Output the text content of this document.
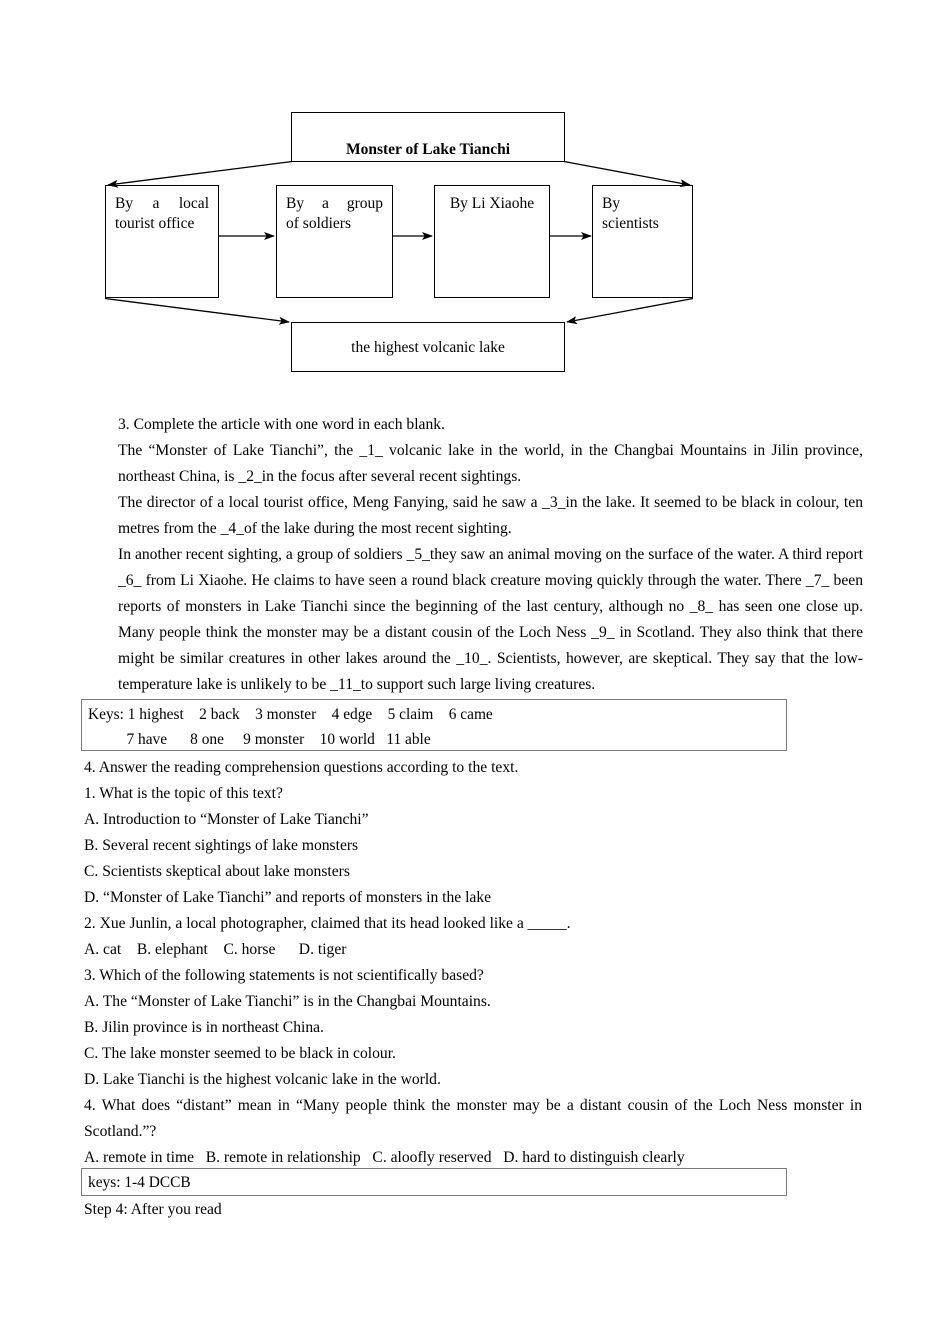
Monster of Lake Tianchi
By a local
tourist office
By a group
of soldiers
By Li Xiaohe	By
scientists
the highest volcanic lake

3. Complete the article with one word in each blank.

The “Monster of Lake Tianchi”, the _1_ volcanic lake in the world, in the Changbai Mountains in Jilin province, northeast China, is _2_in the focus after several recent sightings.

The director of a local tourist office, Meng Fanying, said he saw a _3_in the lake. It seemed to be black in colour, ten metres from the _4_of the lake during the most recent sighting.

In another recent sighting, a group of soldiers _5_they saw an animal moving on the surface of the water. A third report _6_ from Li Xiaohe. He claims to have seen a round black creature moving quickly through the water. There _7_ been reports of monsters in Lake Tianchi since the beginning of the last century, although no _8_ has seen one close up. Many people think the monster may be a distant cousin of the Loch Ness _9_ in Scotland. They also think that there might be similar creatures in other lakes around the _10_. Scientists, however, are skeptical. They say that the low-temperature lake is unlikely to be _11_to support such large living creatures.

Keys: 1 highest    2 back    3 monster    4 edge    5 claim    6 came
7 have      8 one     9 monster    10 world   11 able

4. Answer the reading comprehension questions according to the text.

1. What is the topic of this text?

A. Introduction to “Monster of Lake Tianchi”

B. Several recent sightings of lake monsters

C. Scientists skeptical about lake monsters

D. “Monster of Lake Tianchi” and reports of monsters in the lake

2. Xue Junlin, a local photographer, claimed that its head looked like a _____.

A. cat    B. elephant    C. horse      D. tiger

3. Which of the following statements is not scientifically based?

A. The “Monster of Lake Tianchi” is in the Changbai Mountains.

B. Jilin province is in northeast China.

C. The lake monster seemed to be black in colour.

D. Lake Tianchi is the highest volcanic lake in the world.

4. What does “distant” mean in “Many people think the monster may be a distant cousin of the Loch Ness monster in Scotland.”?

A. remote in time   B. remote in relationship   C. aloofly reserved   D. hard to distinguish clearly

keys: 1-4 DCCB

Step 4: After you read
